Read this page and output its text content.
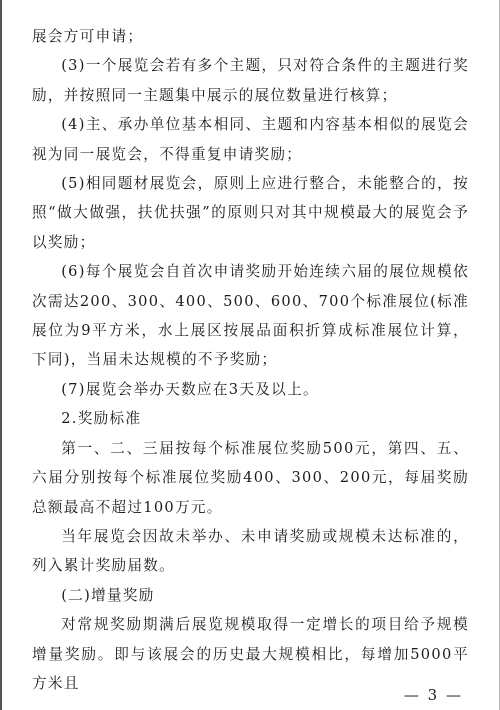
展会方可申请；

(3)一个展览会若有多个主题，只对符合条件的主题进行奖励，并按照同一主题集中展示的展位数量进行核算；

(4)主、承办单位基本相同、主题和内容基本相似的展览会视为同一展览会，不得重复申请奖励；

(5)相同题材展览会，原则上应进行整合，未能整合的，按照“做大做强，扶优扶强”的原则只对其中规模最大的展览会予以奖励；

(6)每个展览会自首次申请奖励开始连续六届的展位规模依次需达200、300、400、500、600、700个标准展位(标准展位为9平方米，水上展区按展品面积折算成标准展位计算，下同)，当届未达规模的不予奖励；

(7)展览会举办天数应在3天及以上。

2.奖励标准

第一、二、三届按每个标准展位奖励500元，第四、五、六届分别按每个标准展位奖励400、300、200元，每届奖励总额最高不超过100万元。

当年展览会因故未举办、未申请奖励或规模未达标准的，列入累计奖励届数。

(二)增量奖励

对常规奖励期满后展览规模取得一定增长的项目给予规模增量奖励。即与该展会的历史最大规模相比，每增加5000平方米且

— 3 —
